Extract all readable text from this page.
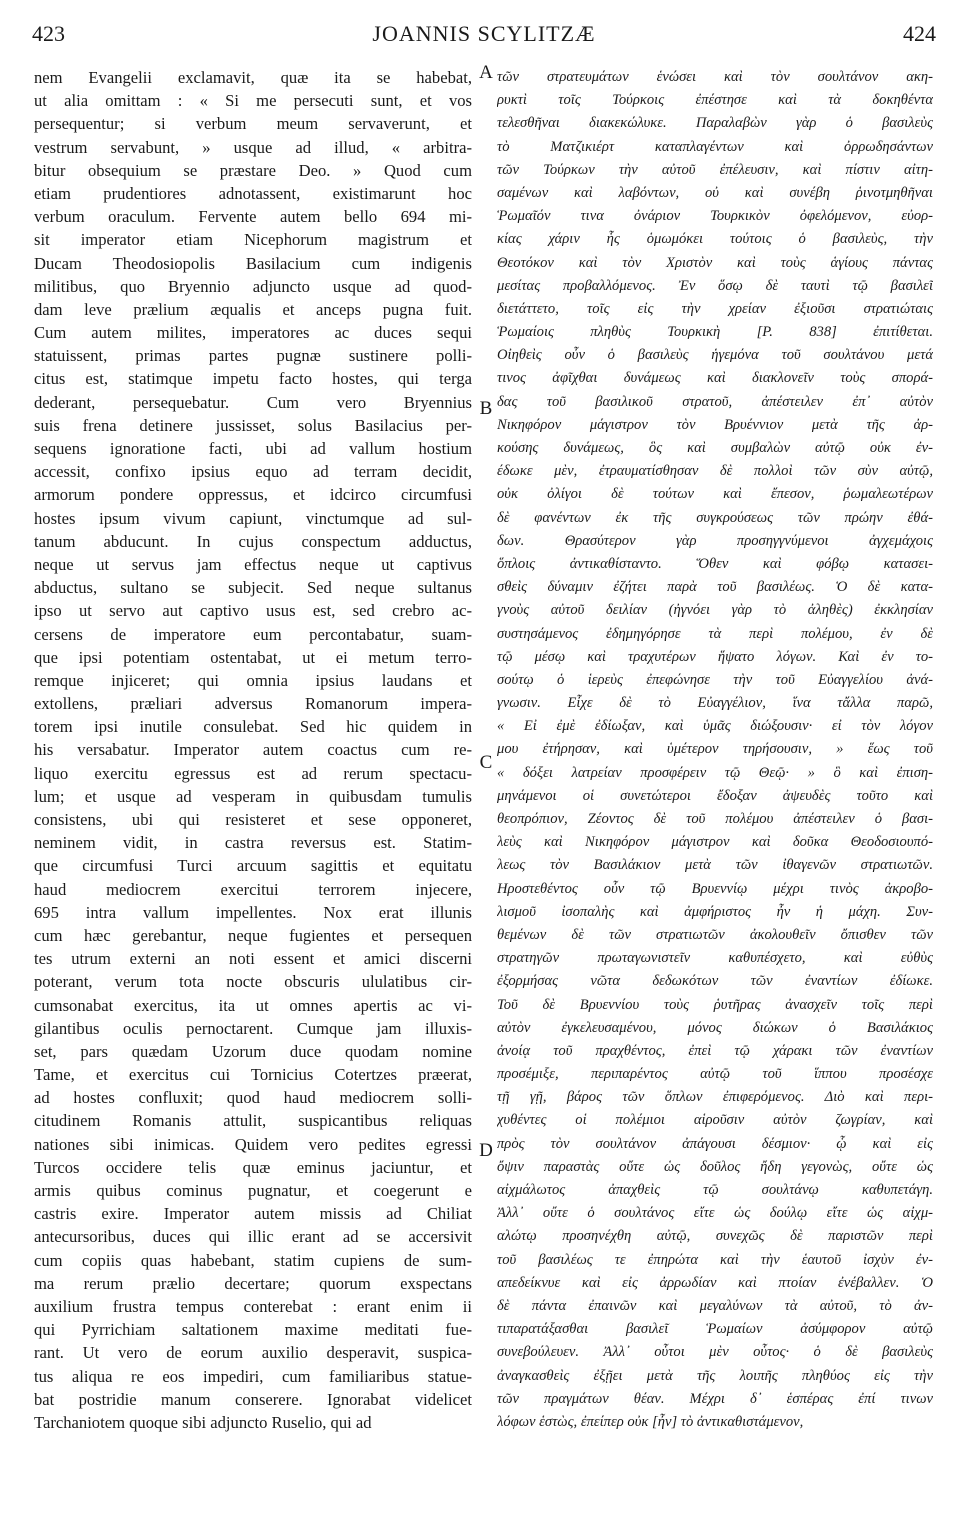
423	JOANNIS SCYLITZÆ	424
nem Evangelii exclamavit, quæ ita se habebat,
ut alia omittam : « Si me persecuti sunt, et vos
persequentur; si verbum meum servaverunt, et
vestrum servabunt, » usque ad illud, « arbitra-
bitur obsequium se præstare Deo. » Quod cum
etiam prudentiores adnotassent, existimarunt hoc
verbum oraculum. Fervente autem bello 694 mi-
sit imperator etiam Nicephorum magistrum et
Ducam Theodosiopolis Basilacium cum indigenis
militibus, quo Bryennio adjuncto usque ad quod-
dam leve prælium æqualis et anceps pugna fuit.
Cum autem milites, imperatores ac duces sequi
statuissent, primas partes pugnæ sustinere polli-
citus est, statimque impetu facto hostes, qui terga
dederant, persequebatur. Cum vero Bryennius
suis frena detinere jussisset, solus Basilacius per-
sequens ignoratione facti, ubi ad vallum hostium
accessit, confixo ipsius equo ad terram decidit,
armorum pondere oppressus, et idcirco circumfusi
hostes ipsum vivum capiunt, vinctumque ad sul-
tanum abducunt. In cujus conspectum adductus,
neque ut servus jam effectus neque ut captivus
abductus, sultano se subjecit. Sed neque sultanus
ipso ut servo aut captivo usus est, sed crebro ac-
cersens de imperatore eum percontabatur, suam-
que ipsi potentiam ostentabat, ut ei metum terro-
remque injiceret; qui omnia ipsius laudans et
extollens, præliari adversus Romanorum impera-
torem ipsi inutile consulebat. Sed hic quidem in
his versabatur. Imperator autem coactus cum re-
liquo exercitu egressus est ad rerum spectacu-
lum; et usque ad vesperam in quibusdam tumulis
consistens, ubi qui resisteret et sese opponeret,
neminem vidit, in castra reversus est. Statim-
que circumfusi Turci arcuum sagittis et equitatu
haud mediocrem exercitui terrorem injecere,
695 intra vallum impellentes. Nox erat illunis
cum hæc gerebantur, neque fugientes et persequen
tes utrum externi an noti essent et amici discerni
poterant, verum tota nocte obscuris ululatibus cir-
cumsonabat exercitus, ita ut omnes apertis ac vi-
gilantibus oculis pernoctarent. Cumque jam illuxis-
set, pars quædam Uzorum duce quodam nomine
Tame, et exercitus cui Tornicius Cotertzes præerat,
ad hostes confluxit; quod haud mediocrem solli-
citudinem Romanis attulit, suspicantibus reliquas
nationes sibi inimicas. Quidem vero pedites egressi
Turcos occidere telis quæ eminus jaciuntur, et
armis quibus cominus pugnatur, et coegerunt e
castris exire. Imperator autem missis ad Chiliat
antecursoribus, duces qui illic erant ad se accersivit
cum copiis quas habebant, statim cupiens de sum-
ma rerum prælio decertare; quorum exspectans
auxilium frustra tempus conterebat : erant enim ii
qui Pyrrichiam saltationem maxime meditati fue-
rant. Ut vero de eorum auxilio desperavit, suspica-
tus aliqua re eos impediri, cum familiaribus statue-
bat postridie manum conserere. Ignorabat videlicet
Tarchaniotem quoque sibi adjuncto Ruselio, qui ad
τῶν στρατευμάτων ἑνώσει καὶ τὸν σουλτάνον ακη-
ρυκτὶ τοῖς Τούρκοις ἐπέστησε καὶ τὰ δοκηθέντα
τελεσθῆναι διακεκώλυκε. Παραλαβὼν γὰρ ὁ βασιλεὺς
τὸ Ματζικιέρτ καταπλαγέντων καὶ ὀρρωδησάντων
τῶν Τούρκων τὴν αὐτοῦ ἐπέλευσιν, καὶ πίστιν αἰτη-
σαμένων καὶ λαβόντων, οὐ καὶ συνέβη ῥινοτμηθῆναι
Ῥωμαῖόν τινα ὀνάριον Τουρκικὸν ὀφελόμενον, εὐορ-
κίας χάριν ἧς ὁμωμόκει τούτοις ὁ βασιλεὺς, τὴν
Θεοτόκον καὶ τὸν Χριστὸν καὶ τοὺς ἁγίους πάντας
μεσίτας προβαλλόμενος. Ἐν ὅσῳ δὲ ταυτὶ τῷ βασιλεῖ
διετάττετο, τοῖς εἰς τὴν χρείαν ἐξιοῦσι στρατιώταις
Ῥωμαίοις πληθὺς Τουρκικὴ [P. 838] ἐπιτίθεται.
Οἰηθεὶς οὖν ὁ βασιλεὺς ἡγεμόνα τοῦ σουλτάνου μετά
τινος ἀφῖχθαι δυνάμεως καὶ διακλονεῖν τοὺς σπορά-
δας τοῦ βασιλικοῦ στρατοῦ, ἀπέστειλεν ἐπ᾽ αὐτὸν
Νικηφόρον μάγιστρον τὸν Βρυέννιον μετὰ τῆς ἀρ-
κούσης δυνάμεως, ὃς καὶ συμβαλὼν αὐτῷ οὐκ ἐν-
έδωκε μὲν, ἐτραυματίσθησαν δὲ πολλοὶ τῶν σὺν αὐτῷ,
οὐκ ὀλίγοι δὲ τούτων καὶ ἔπεσον, ῥωμαλεωτέρων
δὲ φανέντων ἐκ τῆς συγκρούσεως τῶν πρώην ἐθά-
δων. Θρασύτερον γὰρ προσηγγνύμενοι ἀγχεμάχοις
ὅπλοις ἀντικαθίσταντο. Ὅθεν καὶ φόβῳ κατασει-
σθεὶς δύναμιν ἐζήτει παρὰ τοῦ βασιλέως. Ὁ δὲ κατα-
γνοὺς αὐτοῦ δειλίαν (ἠγνόει γὰρ τὸ ἀληθὲς) ἐκκλησίαν
συστησάμενος ἐδημηγόρησε τὰ περὶ πολέμου, ἐν δὲ
τῷ μέσῳ καὶ τραχυτέρων ἥψατο λόγων. Καὶ ἐν το-
σούτῳ ὁ ἱερεὺς ἐπεφώνησε τὴν τοῦ Εὐαγγελίου ἀνά-
γνωσιν. Εἶχε δὲ τὸ Εὐαγγέλιον, ἵνα τἄλλα παρῶ,
« Εἰ ἐμὲ ἐδίωξαν, καὶ ὑμᾶς διώξουσιν· εἰ τὸν λόγον
μου ἐτήρησαν, καὶ ὑμέτερον τηρήσουσιν, » ἕως τοῦ
« δόξει λατρείαν προσφέρειν τῷ Θεῷ· » ὃ καὶ ἐπιση-
μηνάμενοι οἱ συνετώτεροι ἔδοξαν ἀψευδὲς τοῦτο καὶ
θεοπρόπιον, Ζέοντος δὲ τοῦ πολέμου ἀπέστειλεν ὁ βασι-
λεὺς καὶ Νικηφόρον μάγιστρον καὶ δοῦκα Θεοδοσιουπό-
λεως τὸν Βασιλάκιον μετὰ τῶν ἰθαγενῶν στρατιωτῶν.
Ηροστεθέντος οὖν τῷ Βρυεννίῳ μέχρι τινὸς ἀκροβο-
λισμοῦ ἰσοπαλὴς καὶ ἀμφήριστος ἦν ἡ μάχη. Συν-
θεμένων δὲ τῶν στρατιωτῶν ἀκολουθεῖν ὄπισθεν τῶν
στρατηγῶν πρωταγωνιστεῖν καθυπέσχετο, καὶ εὐθὺς
ἐξορμήσας νῶτα δεδωκότων τῶν ἐναντίων ἐδίωκε.
Τοῦ δὲ Βρυεννίου τοὺς ῥυτῆρας ἀνασχεῖν τοῖς περὶ
αὐτὸν ἐγκελευσαμένου, μόνος διώκων ὁ Βασιλάκιος
ἀνοίᾳ τοῦ πραχθέντος, ἐπεὶ τῷ χάρακι τῶν ἐναντίων
προσέμιξε, περιπαρέντος αὐτῷ τοῦ ἵππου προσέσχε
τῇ γῇ, βάρος τῶν ὅπλων ἐπιφερόμενος. Διὸ καὶ περι-
χυθέντες οἱ πολέμιοι αἱροῦσιν αὐτὸν ζωγρίαν, καὶ
πρὸς τὸν σουλτάνον ἀπάγουσι δέσμιον· ᾧ καὶ εἰς
ὄψιν παραστὰς οὔτε ὡς δοῦλος ἤδη γεγονὼς, οὔτε ὡς
αἰχμάλωτος ἀπαχθεὶς τῷ σουλτάνῳ καθυπετάγη.
Ἀλλ᾽ οὔτε ὁ σουλτάνος εἴτε ὡς δούλῳ εἴτε ὡς αἰχμ-
αλώτῳ προσηνέχθη αὐτῷ, συνεχῶς δὲ παριστῶν περὶ
τοῦ βασιλέως τε ἐπηρώτα καὶ τὴν ἑαυτοῦ ἰσχὺν ἐν-
απεδείκνυε καὶ εἰς ἀρρωδίαν καὶ πτοίαν ἐνέβαλλεν. Ὁ
δὲ πάντα ἐπαινῶν καὶ μεγαλύνων τὰ αὐτοῦ, τὸ ἀν-
τιπαρατάξασθαι βασιλεῖ Ῥωμαίων ἀσύμφορον αὐτῷ
συνεβούλευεν. Ἀλλ᾽ οὗτοι μὲν οὗτος· ὁ δὲ βασιλεὺς
ἀναγκασθεὶς ἐξῇει μετὰ τῆς λοιπῆς πληθύος εἰς τὴν
τῶν πραγμάτων θέαν. Μέχρι δ᾽ ἑσπέρας ἐπί τινων
λόφων ἑστὼς, ἐπείπερ οὐκ [ἦν] τὸ ἀντικαθιστάμενον,
A
B
C
D
